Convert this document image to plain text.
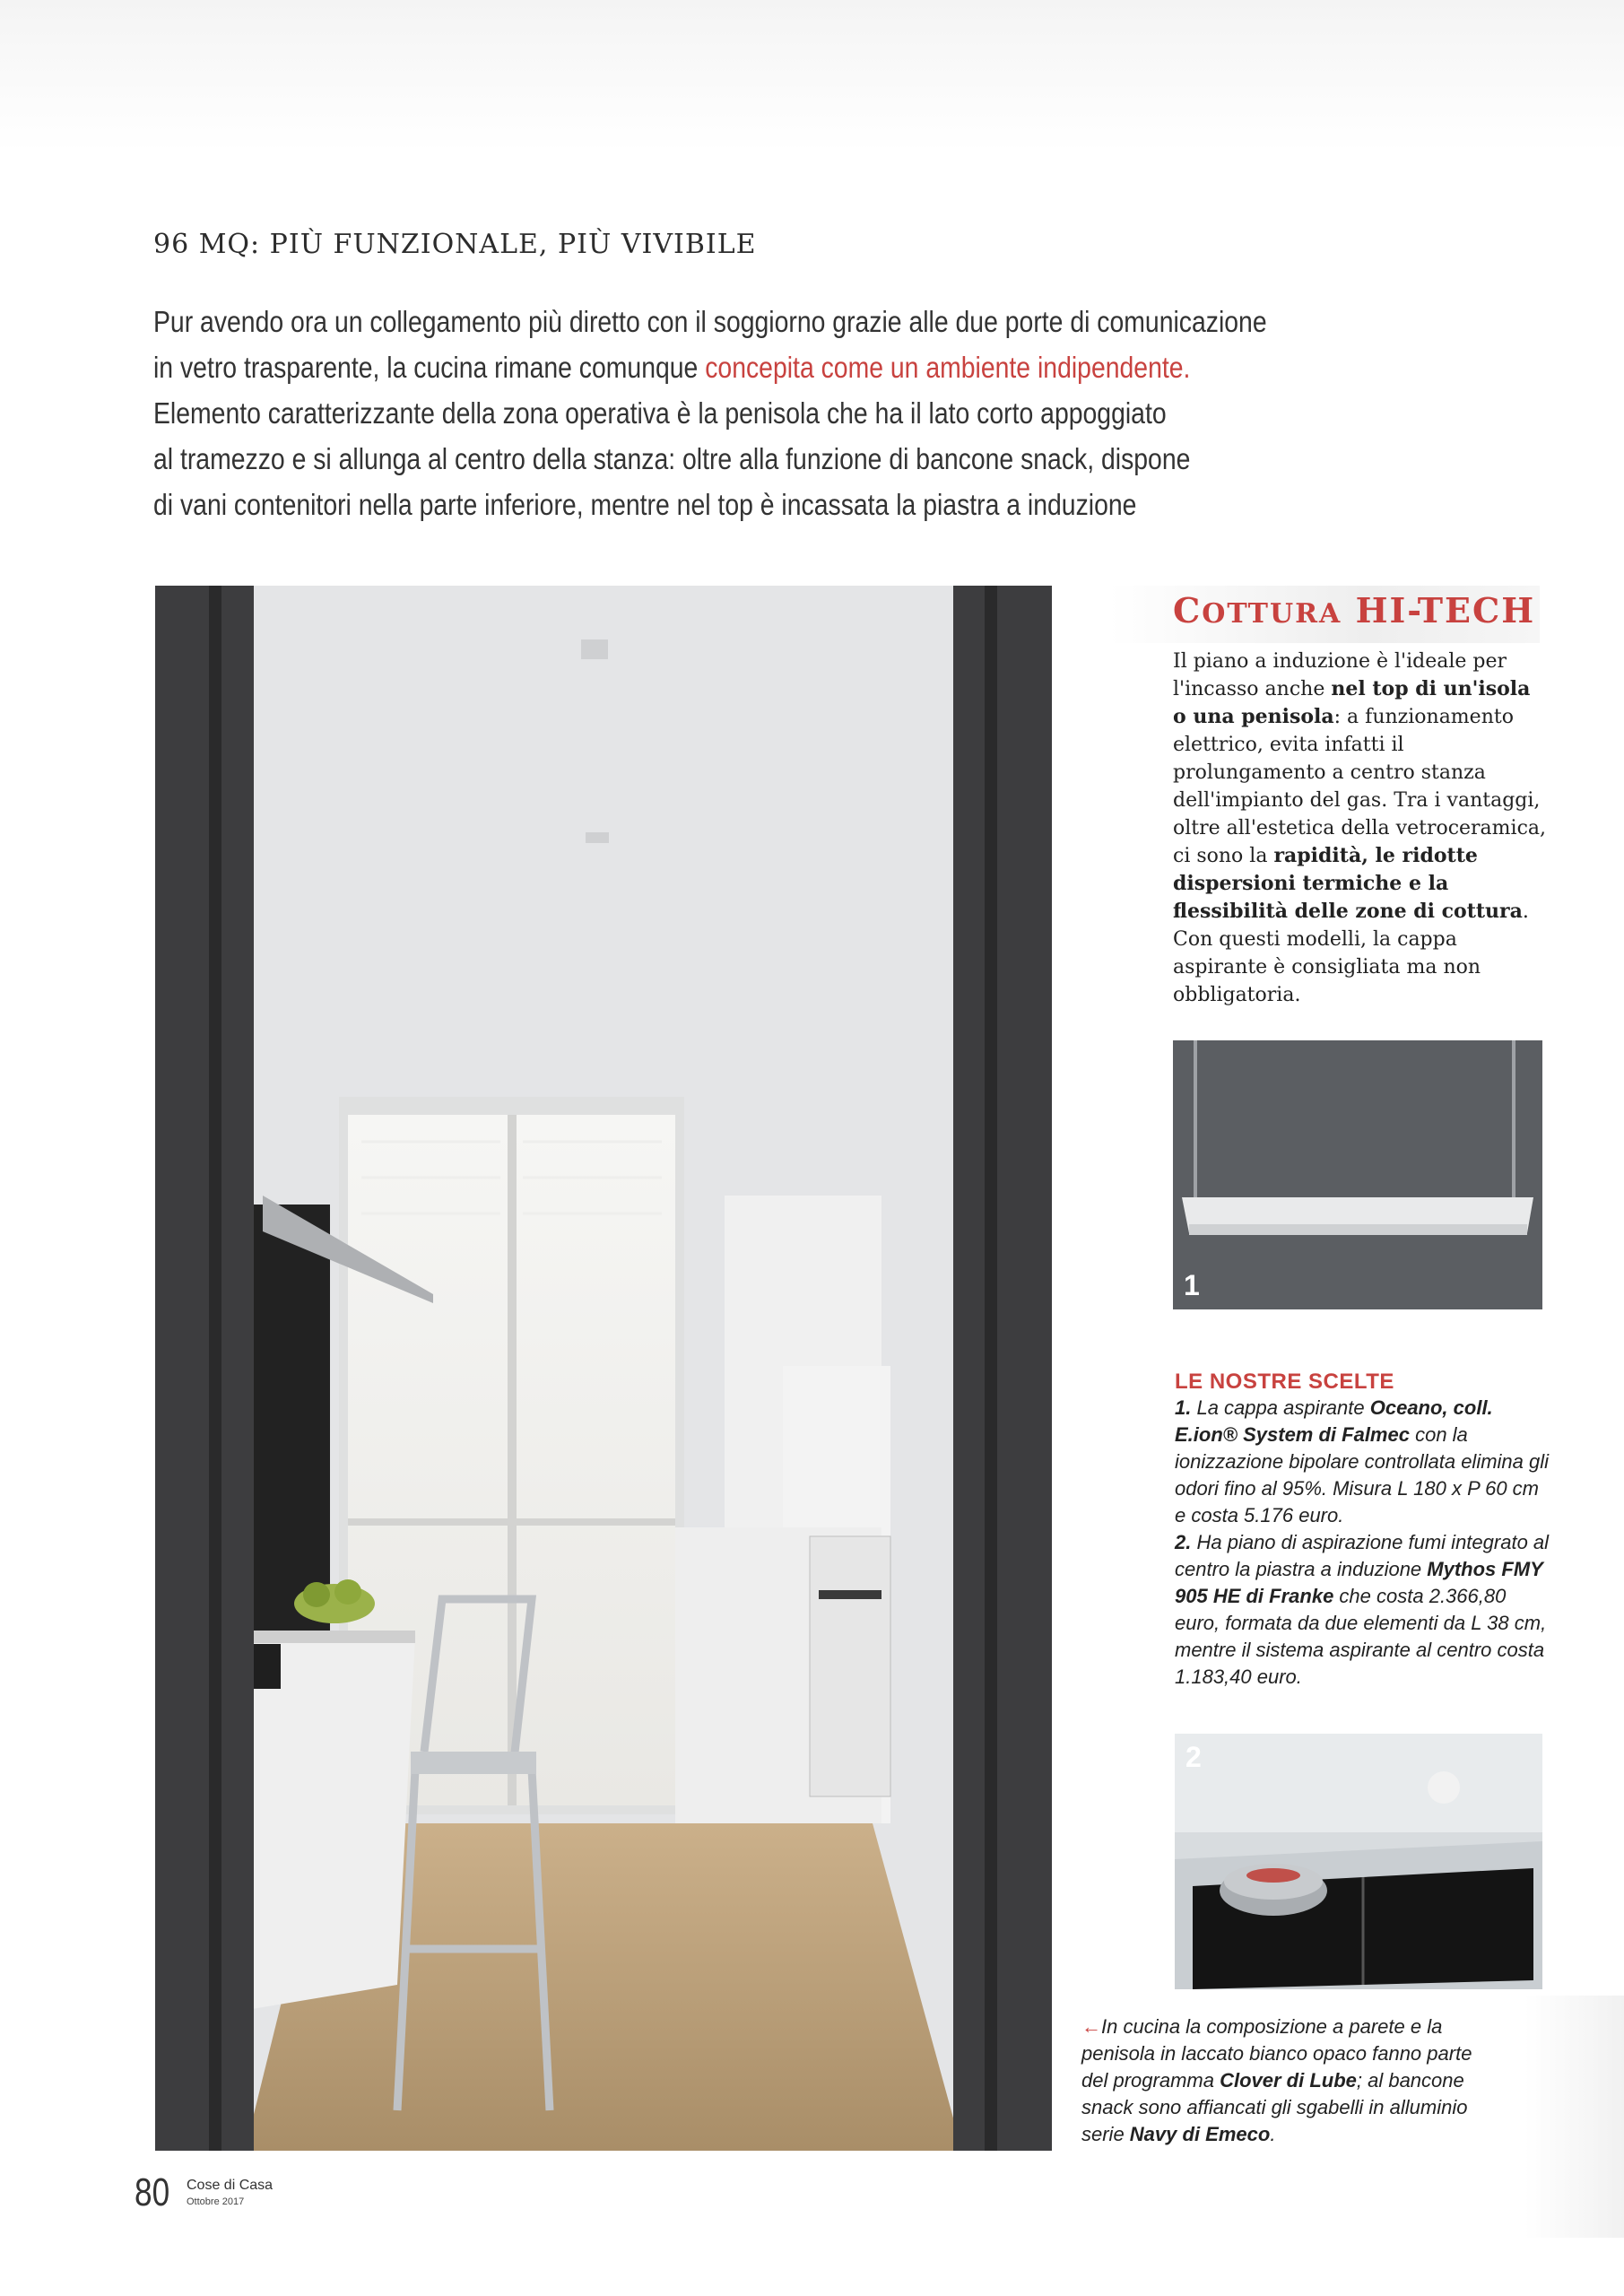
96 MQ: PIÙ FUNZIONALE, PIÙ VIVIBILE
Pur avendo ora un collegamento più diretto con il soggiorno grazie alle due porte di comunicazione
in vetro trasparente, la cucina rimane comunque concepita come un ambiente indipendente.
Elemento caratterizzante della zona operativa è la penisola che ha il lato corto appoggiato
al tramezzo e si allunga al centro della stanza: oltre alla funzione di bancone snack, dispone
di vani contenitori nella parte inferiore, mentre nel top è incassata la piastra a induzione
COTTURA HI-TECH
Il piano a induzione è l'ideale per l'incasso anche nel top di un'isola o una penisola: a funzionamento elettrico, evita infatti il prolungamento a centro stanza dell'impianto del gas. Tra i vantaggi, oltre all'estetica della vetroceramica, ci sono la rapidità, le ridotte dispersioni termiche e la flessibilità delle zone di cottura. Con questi modelli, la cappa aspirante è consigliata ma non obbligatoria.
1
LE NOSTRE SCELTE
1. La cappa aspirante Oceano, coll. E.ion® System di Falmec con la ionizzazione bipolare controllata elimina gli odori fino al 95%. Misura L 180 x P 60 cm e costa 5.176 euro.
2. Ha piano di aspirazione fumi integrato al centro la piastra a induzione Mythos FMY 905 HE di Franke che costa 2.366,80 euro, formata da due elementi da L 38 cm, mentre il sistema aspirante al centro costa 1.183,40 euro.
2
←In cucina la composizione a parete e la penisola in laccato bianco opaco fanno parte del programma Clover di Lube; al bancone snack sono affiancati gli sgabelli in alluminio serie Navy di Emeco.
80 Cose di Casa
Ottobre 2017
